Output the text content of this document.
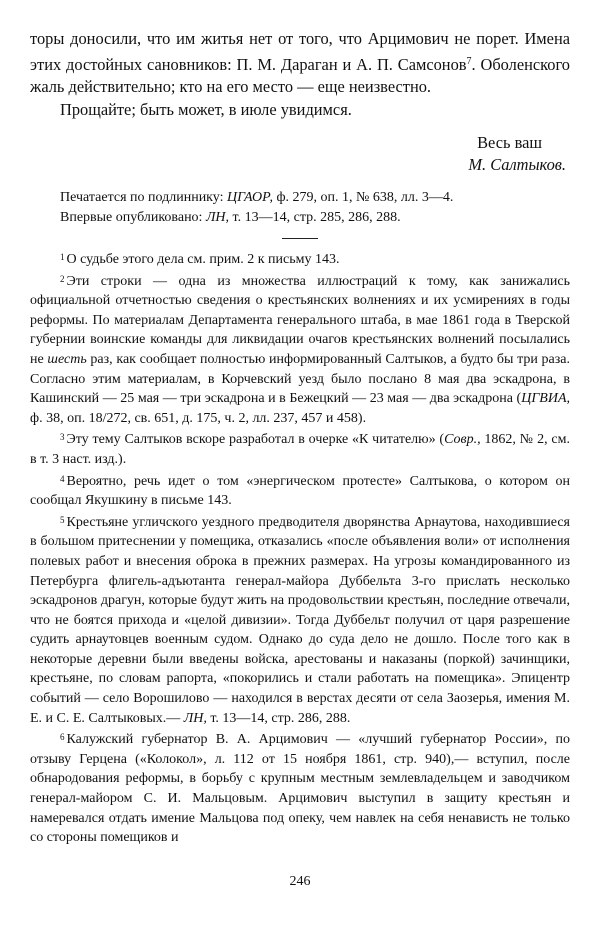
торы доносили, что им житья нет от того, что Арцимович не порет. Имена этих достойных сановников: П. М. Дараган и А. П. Самсонов$^7$. Оболенского жаль действительно; кто на его место — еще неизвестно.

Прощайте; быть может, в июле увидимся.

Весь ваш
М. Салтыков.
Печатается по подлиннику: ЦГАОР, ф. 279, оп. 1, № 638, лл. 3—4.
Впервые опубликовано: ЛН, т. 13—14, стр. 285, 286, 288.

$^1$ О судьбе этого дела см. прим. 2 к письму 143.

$^2$ Эти строки — одна из множества иллюстраций к тому, как занижались официальной отчетностью сведения о крестьянских волнениях и их усмирениях в годы реформы. По материалам Департамента генерального штаба, в мае 1861 года в Тверской губернии воинские команды для ликвидации очагов крестьянских волнений посылались не шесть раз, как сообщает полностью информированный Салтыков, а будто бы три раза. Согласно этим материалам, в Корчевский уезд было послано 8 мая два эскадрона, в Кашинский — 25 мая — три эскадрона и в Бежецкий — 23 мая — два эскадрона (ЦГВИА, ф. 38, оп. 18/272, св. 651, д. 175, ч. 2, лл. 237, 457 и 458).

$^3$ Эту тему Салтыков вскоре разработал в очерке «К читателю» (Совр., 1862, № 2, см. в т. 3 наст. изд.).

$^4$ Вероятно, речь идет о том «энергическом протесте» Салтыкова, о котором он сообщал Якушкину в письме 143.

$^5$ Крестьяне угличского уездного предводителя дворянства Арнаутова, находившиеся в большом притеснении у помещика, отказались «после объявления воли» от исполнения полевых работ и внесения оброка в прежних размерах. На угрозы командированного из Петербурга флигель-адъютанта генерал-майора Дуббельта 3-го прислать несколько эскадронов драгун, которые будут жить на продовольствии крестьян, последние отвечали, что не боятся прихода и «целой дивизии». Тогда Дуббельт получил от царя разрешение судить арнаутовцев военным судом. Однако до суда дело не дошло. После того как в некоторые деревни были введены войска, арестованы и наказаны (поркой) зачинщики, крестьяне, по словам рапорта, «покорились и стали работать на помещика». Эпицентр событий — село Ворошилово — находился в верстах десяти от села Заозерья, имения М. Е. и С. Е. Салтыковых.— ЛН, т. 13—14, стр. 286, 288.

$^6$ Калужский губернатор В. А. Арцимович — «лучший губернатор России», по отзыву Герцена («Колокол», л. 112 от 15 ноября 1861, стр. 940),— вступил, после обнародования реформы, в борьбу с крупным местным землевладельцем и заводчиком генерал-майором С. И. Мальцовым. Арцимович выступил в защиту крестьян и намеревался отдать имение Мальцова под опеку, чем навлек на себя ненависть не только со стороны помещиков и

246
